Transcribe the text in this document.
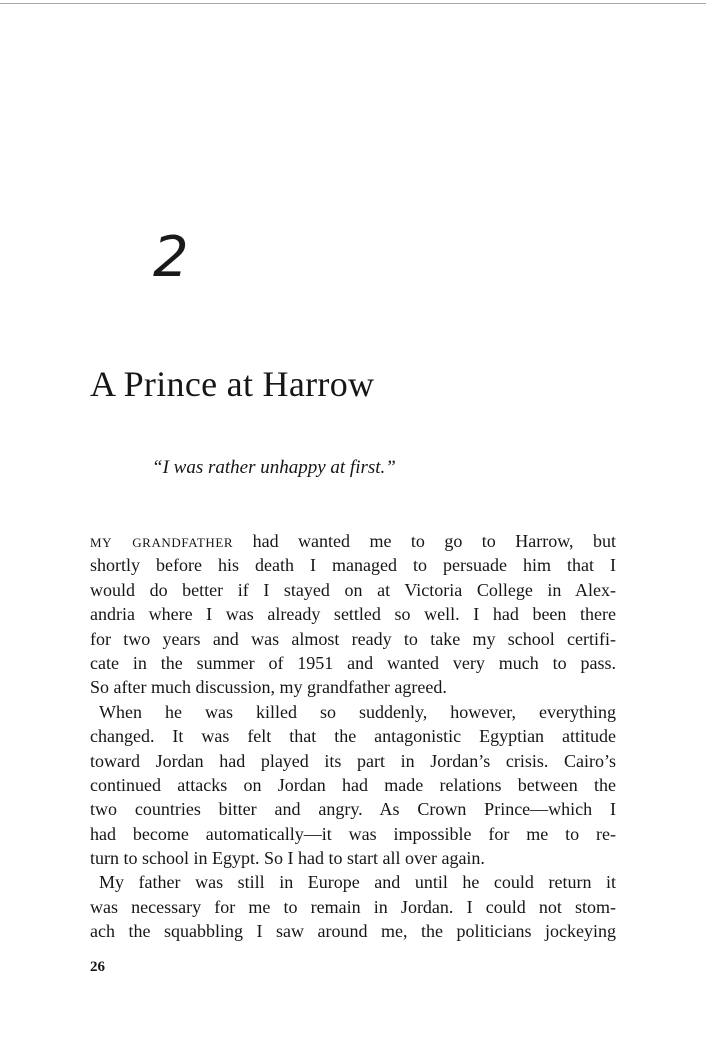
2
A Prince at Harrow

“I was rather unhappy at first.”

my grandfather had wanted me to go to Harrow, but
shortly before his death I managed to persuade him that I
would do better if I stayed on at Victoria College in Alex-
andria where I was already settled so well. I had been there
for two years and was almost ready to take my school certifi-
cate in the summer of 1951 and wanted very much to pass.
So after much discussion, my grandfather agreed.
 When he was killed so suddenly, however, everything
changed. It was felt that the antagonistic Egyptian attitude
toward Jordan had played its part in Jordan’s crisis. Cairo’s
continued attacks on Jordan had made relations between the
two countries bitter and angry. As Crown Prince—which I
had become automatically—it was impossible for me to re-
turn to school in Egypt. So I had to start all over again.
 My father was still in Europe and until he could return it
was necessary for me to remain in Jordan. I could not stom-
ach the squabbling I saw around me, the politicians jockeying

26
